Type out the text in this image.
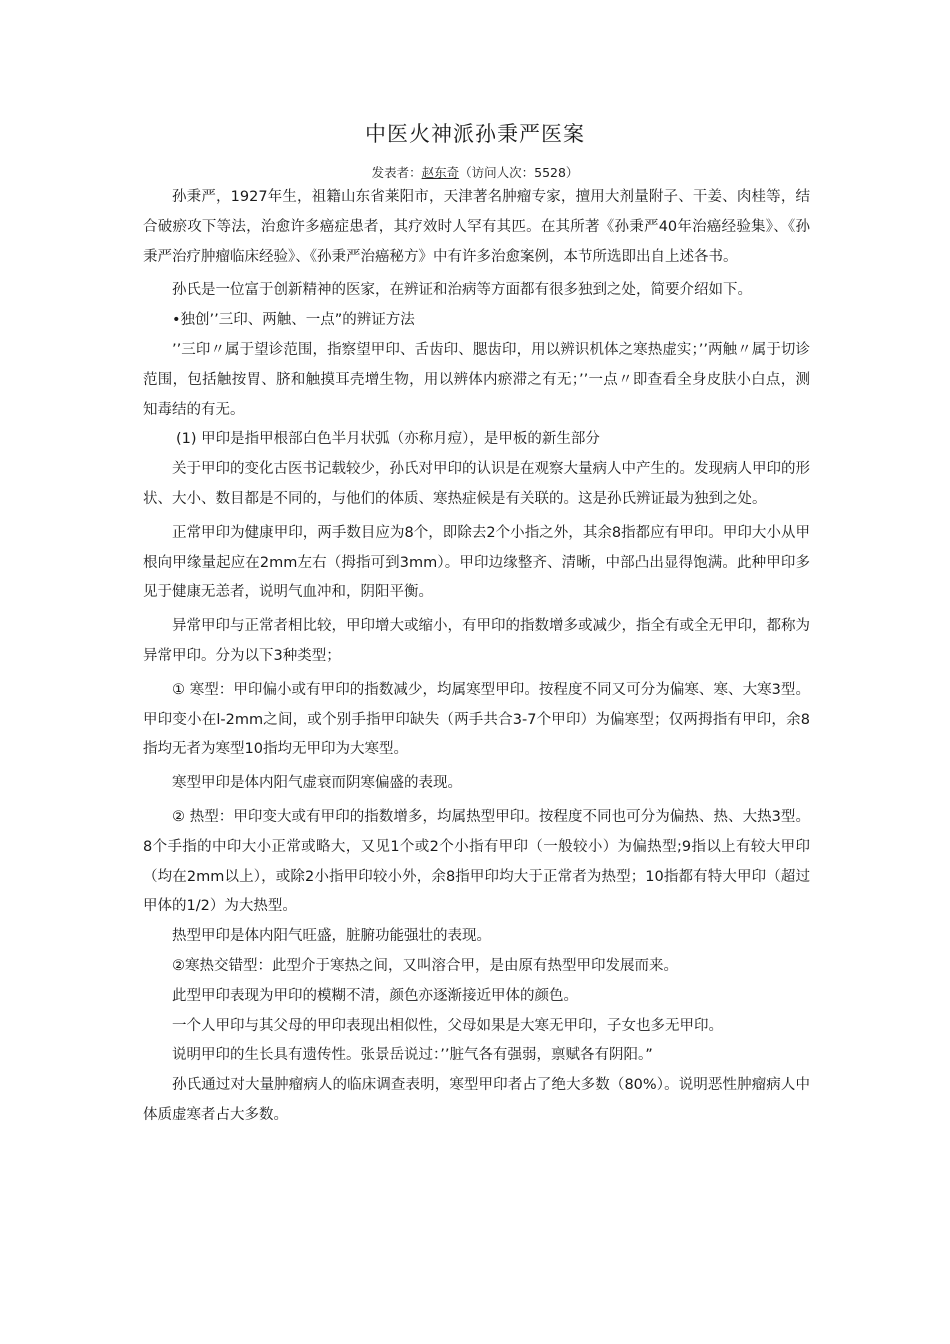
中医火神派孙秉严医案
发表者：赵东奇（访问人次：5528）

孙秉严，1927年生，祖籍山东省莱阳市，天津著名肿瘤专家，擅用大剂量附子、干姜、肉桂等，结合破瘀攻下等法，治愈许多癌症患者，其疗效时人罕有其匹。在其所著《孙秉严40年治癌经验集》、《孙秉严治疗肿瘤临床经验》、《孙秉严治癌秘方》中有许多治愈案例，本节所选即出自上述各书。

孙氏是一位富于创新精神的医家，在辨证和治病等方面都有很多独到之处，简要介绍如下。

•独创’’三印、两触、一点”的辨证方法

’’三印〃属于望诊范围，指察望甲印、舌齿印、腮齿印，用以辨识机体之寒热虚实；’’两触〃属于切诊范围，包括触按胃、脐和触摸耳壳增生物，用以辨体内瘀滞之有无；’’一点〃即查看全身皮肤小白点，测知毒结的有无。

(1) 甲印是指甲根部白色半月状弧（亦称月痘），是甲板的新生部分

关于甲印的变化古医书记载较少，孙氏对甲印的认识是在观察大量病人中产生的。发现病人甲印的形状、大小、数目都是不同的，与他们的体质、寒热症候是有关联的。这是孙氏辨证最为独到之处。

正常甲印为健康甲印，两手数目应为8个，即除去2个小指之外，其余8指都应有甲印。甲印大小从甲根向甲缘量起应在2mm左右（拇指可到3mm）。甲印边缘整齐、清晰，中部凸出显得饱满。此种甲印多见于健康无恙者，说明气血冲和，阴阳平衡。

异常甲印与正常者相比较，甲印增大或缩小，有甲印的指数增多或减少，指全有或全无甲印，都称为异常甲印。分为以下3种类型；

① 寒型：甲印偏小或有甲印的指数减少，均属寒型甲印。按程度不同又可分为偏寒、寒、大寒3型。甲印变小在l-2mm之间，或个别手指甲印缺失（两手共合3-7个甲印）为偏寒型；仅两拇指有甲印，余8指均无者为寒型10指均无甲印为大寒型。

寒型甲印是体内阳气虚衰而阴寒偏盛的表现。

② 热型：甲印变大或有甲印的指数增多，均属热型甲印。按程度不同也可分为偏热、热、大热3型。8个手指的中印大小正常或略大，又见1个或2个小指有甲印（一般较小）为偏热型;9指以上有较大甲印（均在2mm以上），或除2小指甲印较小外，余8指甲印均大于正常者为热型；10指都有特大甲印（超过甲体的1/2）为大热型。

热型甲印是体内阳气旺盛，脏腑功能强壮的表现。

②寒热交错型：此型介于寒热之间，又叫溶合甲，是由原有热型甲印发展而来。

此型甲印表现为甲印的模糊不清，颜色亦逐渐接近甲体的颜色。

一个人甲印与其父母的甲印表现出相似性，父母如果是大寒无甲印，子女也多无甲印。

说明甲印的生长具有遗传性。张景岳说过：’’脏气各有强弱，禀赋各有阴阳。”

孙氏通过对大量肿瘤病人的临床调查表明，寒型甲印者占了绝大多数（80%）。说明恶性肿瘤病人中体质虚寒者占大多数。
